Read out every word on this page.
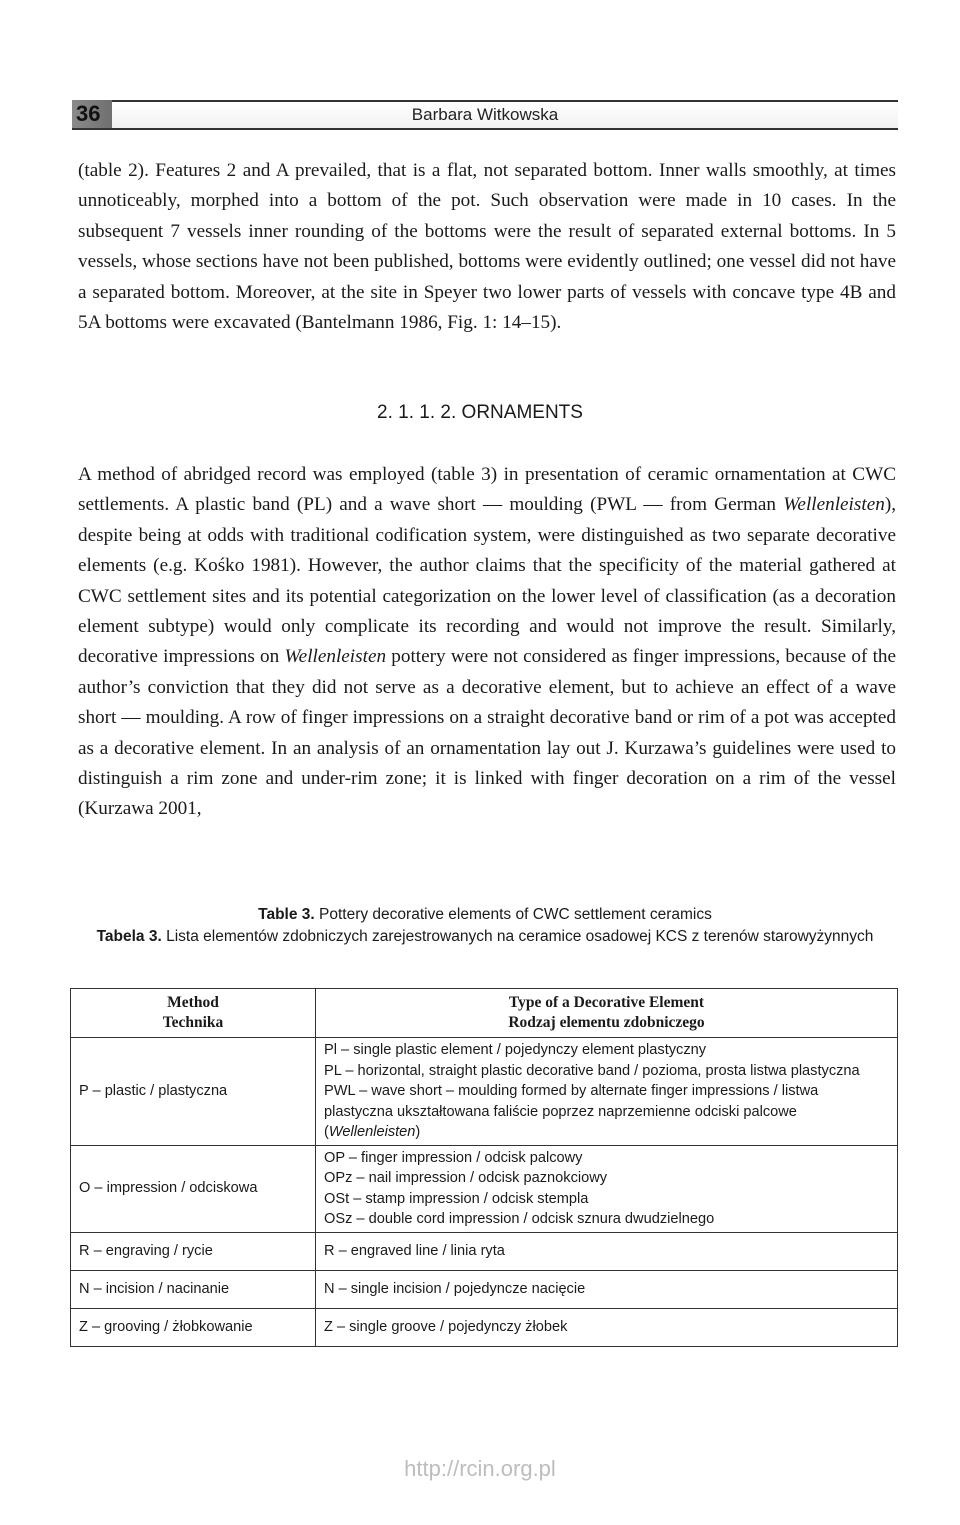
36	Barbara Witkowska

(table 2). Features 2 and A prevailed, that is a flat, not separated bottom. Inner walls smoothly, at times unnoticeably, morphed into a bottom of the pot. Such observation were made in 10 cases. In the subsequent 7 vessels inner rounding of the bottoms were the result of separated external bottoms. In 5 vessels, whose sections have not been published, bottoms were evidently outlined; one vessel did not have a separated bottom. Moreover, at the site in Speyer two lower parts of vessels with concave type 4B and 5A bottoms were excavated (Bantelmann 1986, Fig. 1: 14–15).

2. 1. 1. 2. ORNAMENTS

A method of abridged record was employed (table 3) in presentation of ceramic ornamentation at CWC settlements. A plastic band (PL) and a wave short — moulding (PWL — from German Wellenleisten), despite being at odds with traditional codification system, were distinguished as two separate decorative elements (e.g. Kośko 1981). However, the author claims that the specificity of the material gathered at CWC settlement sites and its potential categorization on the lower level of classification (as a decoration element subtype) would only complicate its recording and would not improve the result. Similarly, decorative impressions on Wellenleisten pottery were not considered as finger impressions, because of the author’s conviction that they did not serve as a decorative element, but to achieve an effect of a wave short — moulding. A row of finger impressions on a straight decorative band or rim of a pot was accepted as a decorative element. In an analysis of an ornamentation lay out J. Kurzawa’s guidelines were used to distinguish a rim zone and under-rim zone; it is linked with finger decoration on a rim of the vessel (Kurzawa 2001,

Table 3. Pottery decorative elements of CWC settlement ceramics
Tabela 3. Lista elementów zdobniczych zarejestrowanych na ceramice osadowej KCS z terenów starowyżynnych
Method
Technika	Type of a Decorative Element
Rodzaj elementu zdobniczego

P – plastic / plastyczna	Pl – single plastic element / pojedynczy element plastyczny
PL – horizontal, straight plastic decorative band / pozioma, prosta listwa plastyczna
PWL – wave short – moulding formed by alternate finger impressions / listwa plastyczna ukształtowana faliście poprzez naprzemienne odciski palcowe (Wellenleisten)

O – impression / odciskowa	OP – finger impression / odcisk palcowy
OPz – nail impression / odcisk paznokciowy
OSt – stamp impression / odcisk stempla
OSz – double cord impression / odcisk sznura dwudzielnego

R – engraving / rycie	R – engraved line / linia ryta
N – incision / nacinanie	N – single incision / pojedyncze nacięcie
Z – grooving / żłobkowanie	Z – single groove / pojedynczy żłobek
http://rcin.org.pl
